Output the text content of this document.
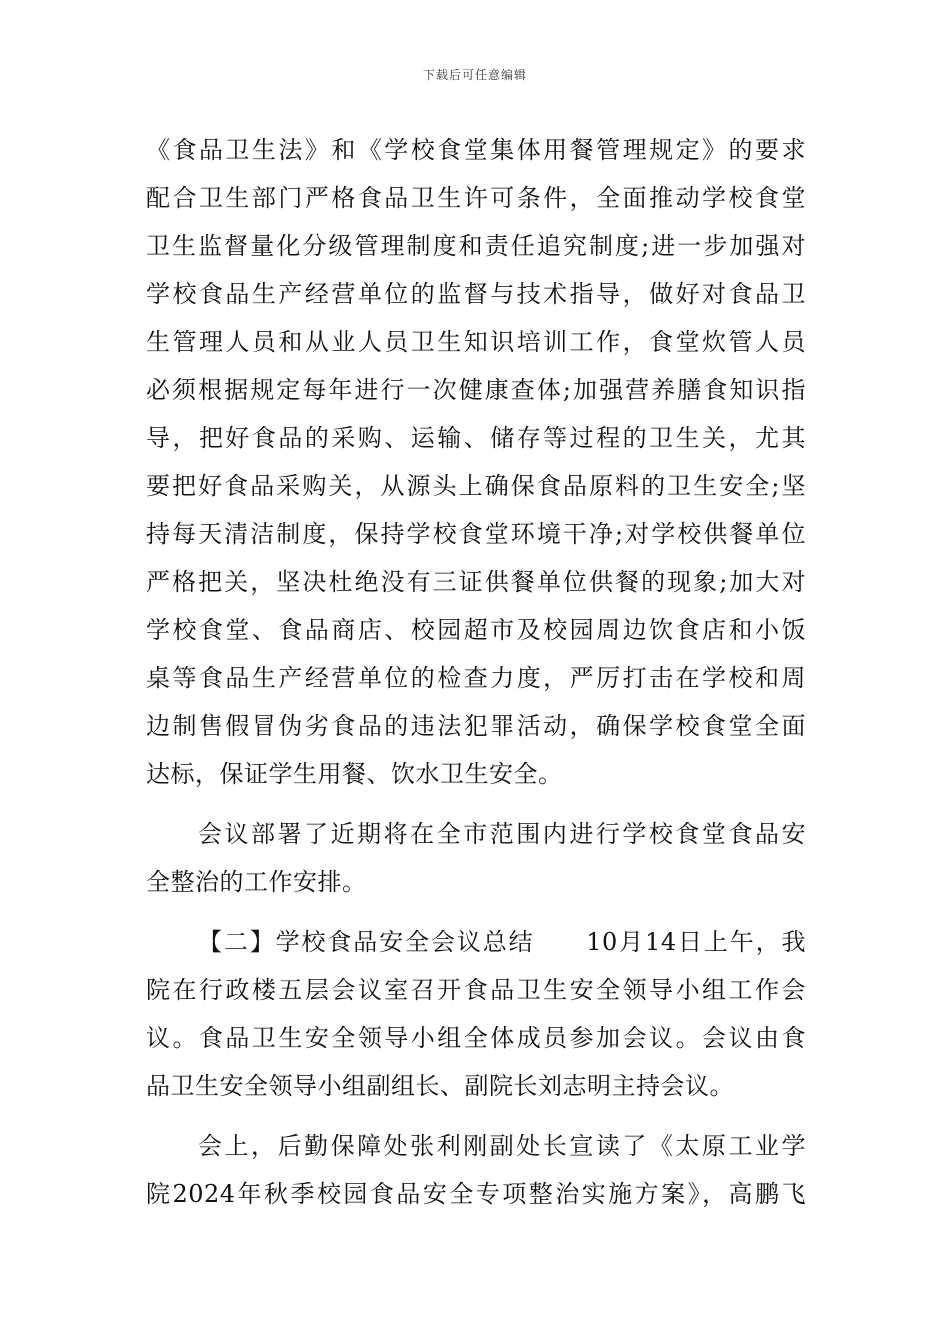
下载后可任意编辑
《食品卫生法》和《学校食堂集体用餐管理规定》的要求
配合卫生部门严格食品卫生许可条件，全面推动学校食堂
卫生监督量化分级管理制度和责任追究制度;进一步加强对
学校食品生产经营单位的监督与技术指导，做好对食品卫
生管理人员和从业人员卫生知识培训工作，食堂炊管人员
必须根据规定每年进行一次健康查体;加强营养膳食知识指
导，把好食品的采购、运输、储存等过程的卫生关，尤其
要把好食品采购关，从源头上确保食品原料的卫生安全;坚
持每天清洁制度，保持学校食堂环境干净;对学校供餐单位
严格把关，坚决杜绝没有三证供餐单位供餐的现象;加大对
学校食堂、食品商店、校园超市及校园周边饮食店和小饭
桌等食品生产经营单位的检查力度，严厉打击在学校和周
边制售假冒伪劣食品的违法犯罪活动，确保学校食堂全面
达标，保证学生用餐、饮水卫生安全。
会议部署了近期将在全市范围内进行学校食堂食品安
全整治的工作安排。
【二】学校食品安全会议总结　　10月14日上午，我
院在行政楼五层会议室召开食品卫生安全领导小组工作会
议。食品卫生安全领导小组全体成员参加会议。会议由食
品卫生安全领导小组副组长、副院长刘志明主持会议。
会上，后勤保障处张利刚副处长宣读了《太原工业学
院2024年秋季校园食品安全专项整治实施方案》，高鹏飞
